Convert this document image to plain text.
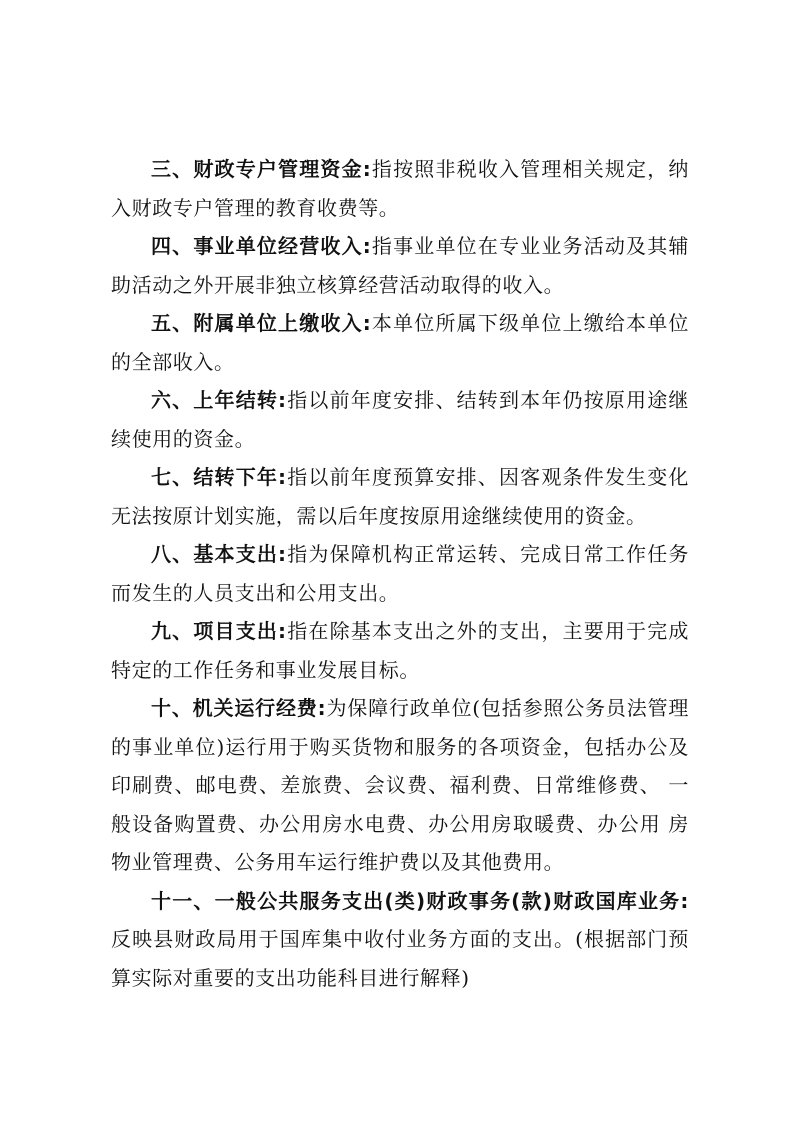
三、财政专户管理资金:指按照非税收入管理相关规定，纳入财政专户管理的教育收费等。

四、事业单位经营收入:指事业单位在专业业务活动及其辅助活动之外开展非独立核算经营活动取得的收入。

五、附属单位上缴收入:本单位所属下级单位上缴给本单位的全部收入。

六、上年结转:指以前年度安排、结转到本年仍按原用途继续使用的资金。

七、结转下年:指以前年度预算安排、因客观条件发生变化无法按原计划实施，需以后年度按原用途继续使用的资金。

八、基本支出:指为保障机构正常运转、完成日常工作任务而发生的人员支出和公用支出。

九、项目支出:指在除基本支出之外的支出，主要用于完成特定的工作任务和事业发展目标。

十、机关运行经费:为保障行政单位(包括参照公务员法管理的事业单位)运行用于购买货物和服务的各项资金，包括办公及印刷费、邮电费、差旅费、会议费、福利费、日常维修费、 一般设备购置费、办公用房水电费、办公用房取暖费、办公用 房物业管理费、公务用车运行维护费以及其他费用。

十一、一般公共服务支出(类)财政事务(款)财政国库业务:反映县财政局用于国库集中收付业务方面的支出。(根据部门预算实际对重要的支出功能科目进行解释)
